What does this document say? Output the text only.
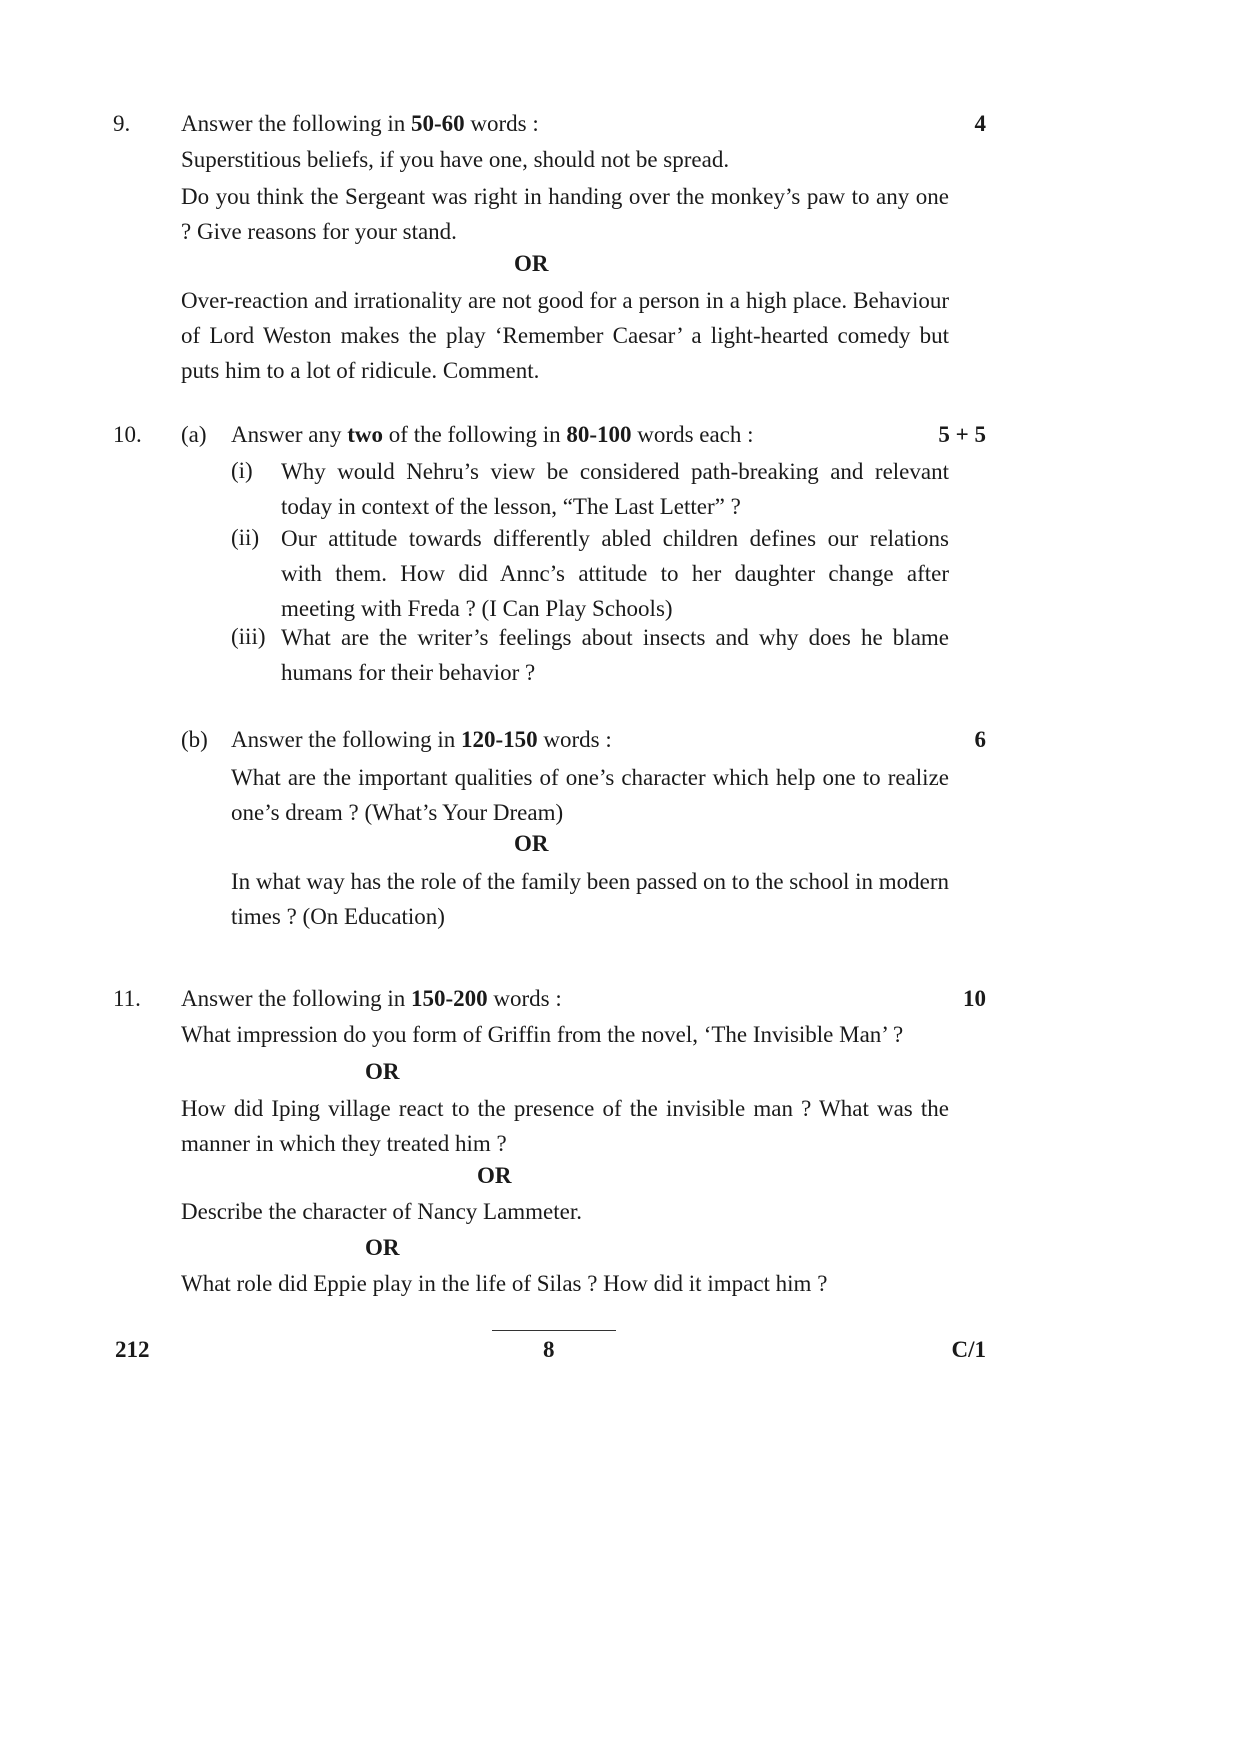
9. Answer the following in 50-60 words :	4
Superstitious beliefs, if you have one, should not be spread.
Do you think the Sergeant was right in handing over the monkey’s paw to any one ? Give reasons for your stand.
OR
Over-reaction and irrationality are not good for a person in a high place. Behaviour of Lord Weston makes the play ‘Remember Caesar’ a light-hearted comedy but puts him to a lot of ridicule. Comment.
10. (a) Answer any two of the following in 80-100 words each :	5 + 5
(i) Why would Nehru’s view be considered path-breaking and relevant today in context of the lesson, “The Last Letter” ?
(ii) Our attitude towards differently abled children defines our relations with them. How did Annc’s attitude to her daughter change after meeting with Freda ? (I Can Play Schools)
(iii) What are the writer’s feelings about insects and why does he blame humans for their behavior ?
(b) Answer the following in 120-150 words :	6
What are the important qualities of one’s character which help one to realize one’s dream ? (What’s Your Dream)
OR
In what way has the role of the family been passed on to the school in modern times ? (On Education)
11. Answer the following in 150-200 words :	10
What impression do you form of Griffin from the novel, ‘The Invisible Man’ ?
OR
How did Iping village react to the presence of the invisible man ? What was the manner in which they treated him ?
OR
Describe the character of Nancy Lammeter.
OR
What role did Eppie play in the life of Silas ? How did it impact him ?
212	8	C/1
